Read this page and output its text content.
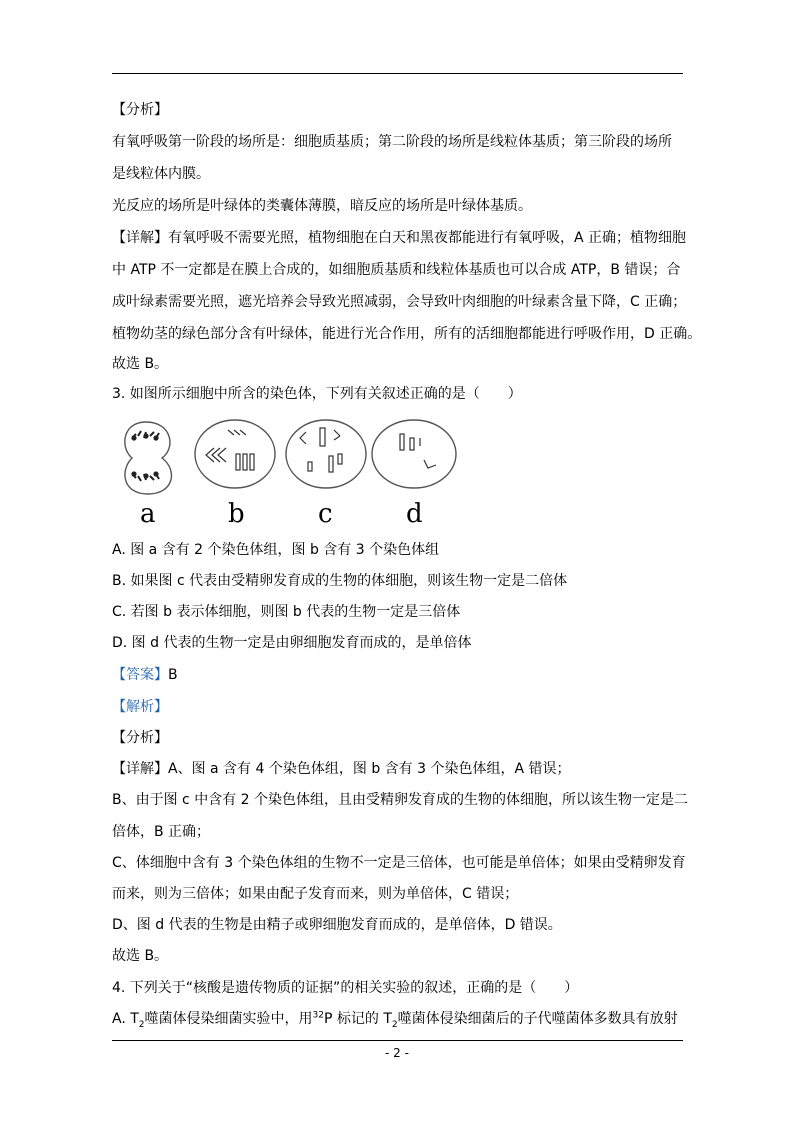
【分析】
有氧呼吸第一阶段的场所是：细胞质基质；第二阶段的场所是线粒体基质；第三阶段的场所
是线粒体内膜。
光反应的场所是叶绿体的类囊体薄膜，暗反应的场所是叶绿体基质。
【详解】有氧呼吸不需要光照，植物细胞在白天和黑夜都能进行有氧呼吸，A 正确；植物细胞
中 ATP 不一定都是在膜上合成的，如细胞质基质和线粒体基质也可以合成 ATP，B 错误；合
成叶绿素需要光照，遮光培养会导致光照减弱，会导致叶肉细胞的叶绿素含量下降，C 正确；
植物幼茎的绿色部分含有叶绿体，能进行光合作用，所有的活细胞都能进行呼吸作用，D 正确。
故选 B。
3. 如图所示细胞中所含的染色体，下列有关叙述正确的是（　　）
a	b	c	d
A. 图 a 含有 2 个染色体组，图 b 含有 3 个染色体组
B. 如果图 c 代表由受精卵发育成的生物的体细胞，则该生物一定是二倍体
C. 若图 b 表示体细胞，则图 b 代表的生物一定是三倍体
D. 图 d 代表的生物一定是由卵细胞发育而成的，是单倍体
【答案】B
【解析】
【分析】
【详解】A、图 a 含有 4 个染色体组，图 b 含有 3 个染色体组，A 错误；
B、由于图 c 中含有 2 个染色体组，且由受精卵发育成的生物的体细胞，所以该生物一定是二
倍体，B 正确；
C、体细胞中含有 3 个染色体组的生物不一定是三倍体，也可能是单倍体；如果由受精卵发育
而来，则为三倍体；如果由配子发育而来，则为单倍体，C 错误；
D、图 d 代表的生物是由精子或卵细胞发育而成的，是单倍体，D 错误。
故选 B。
4. 下列关于“核酸是遗传物质的证据”的相关实验的叙述，正确的是（　　）
A. $T_2$噬菌体侵染细菌实验中，用$^{32}$P 标记的 $T_2$噬菌体侵染细菌后的子代噬菌体多数具有放射
- 2 -
